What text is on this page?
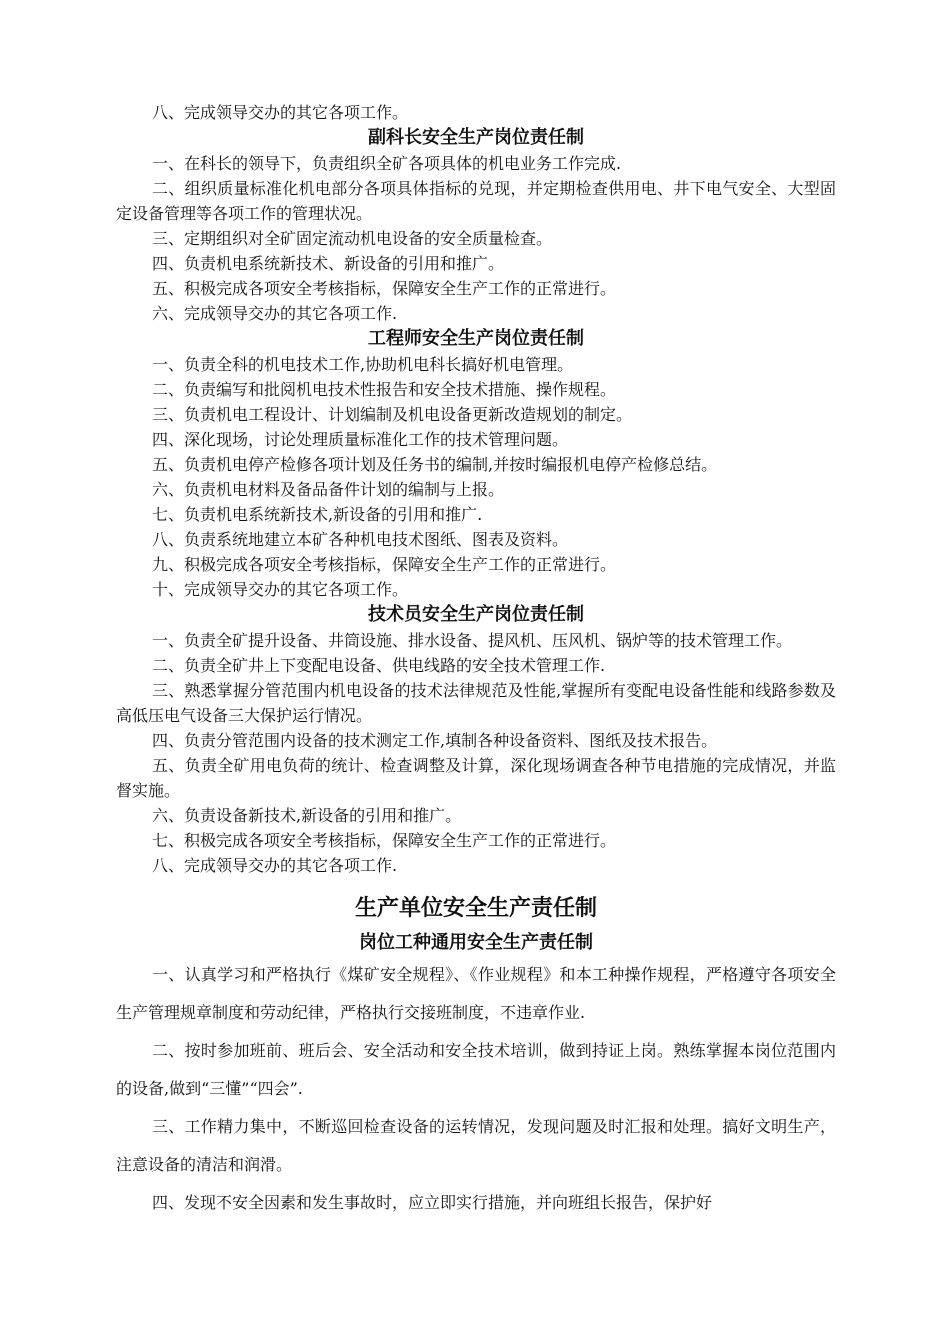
八、完成领导交办的其它各项工作。

副科长安全生产岗位责任制

一、在科长的领导下，负责组织全矿各项具体的机电业务工作完成.

二、组织质量标准化机电部分各项具体指标的兑现，并定期检查供用电、井下电气安全、大型固定设备管理等各项工作的管理状况。

三、定期组织对全矿固定流动机电设备的安全质量检查。

四、负责机电系统新技术、新设备的引用和推广。

五、积极完成各项安全考核指标，保障安全生产工作的正常进行。

六、完成领导交办的其它各项工作.

工程师安全生产岗位责任制

一、负责全科的机电技术工作,协助机电科长搞好机电管理。

二、负责编写和批阅机电技术性报告和安全技术措施、操作规程。

三、负责机电工程设计、计划编制及机电设备更新改造规划的制定。

四、深化现场，讨论处理质量标准化工作的技术管理问题。

五、负责机电停产检修各项计划及任务书的编制,并按时编报机电停产检修总结。

六、负责机电材料及备品备件计划的编制与上报。

七、负责机电系统新技术,新设备的引用和推广.

八、负责系统地建立本矿各种机电技术图纸、图表及资料。

九、积极完成各项安全考核指标，保障安全生产工作的正常进行。

十、完成领导交办的其它各项工作。

技术员安全生产岗位责任制

一、负责全矿提升设备、井筒设施、排水设备、提风机、压风机、锅炉等的技术管理工作。

二、负责全矿井上下变配电设备、供电线路的安全技术管理工作.

三、熟悉掌握分管范围内机电设备的技术法律规范及性能,掌握所有变配电设备性能和线路参数及高低压电气设备三大保护运行情况。

四、负责分管范围内设备的技术测定工作,填制各种设备资料、图纸及技术报告。

五、负责全矿用电负荷的统计、检查调整及计算，深化现场调查各种节电措施的完成情况，并监督实施。

六、负责设备新技术,新设备的引用和推广。

七、积极完成各项安全考核指标，保障安全生产工作的正常进行。

八、完成领导交办的其它各项工作.

生产单位安全生产责任制
岗位工种通用安全生产责任制

一、认真学习和严格执行《煤矿安全规程》、《作业规程》和本工种操作规程，严格遵守各项安全生产管理规章制度和劳动纪律，严格执行交接班制度，不违章作业.

二、按时参加班前、班后会、安全活动和安全技术培训，做到持证上岗。熟练掌握本岗位范围内的设备,做到“三懂”“四会”.

三、工作精力集中，不断巡回检查设备的运转情况，发现问题及时汇报和处理。搞好文明生产，注意设备的清洁和润滑。

四、发现不安全因素和发生事故时，应立即实行措施，并向班组长报告，保护好
